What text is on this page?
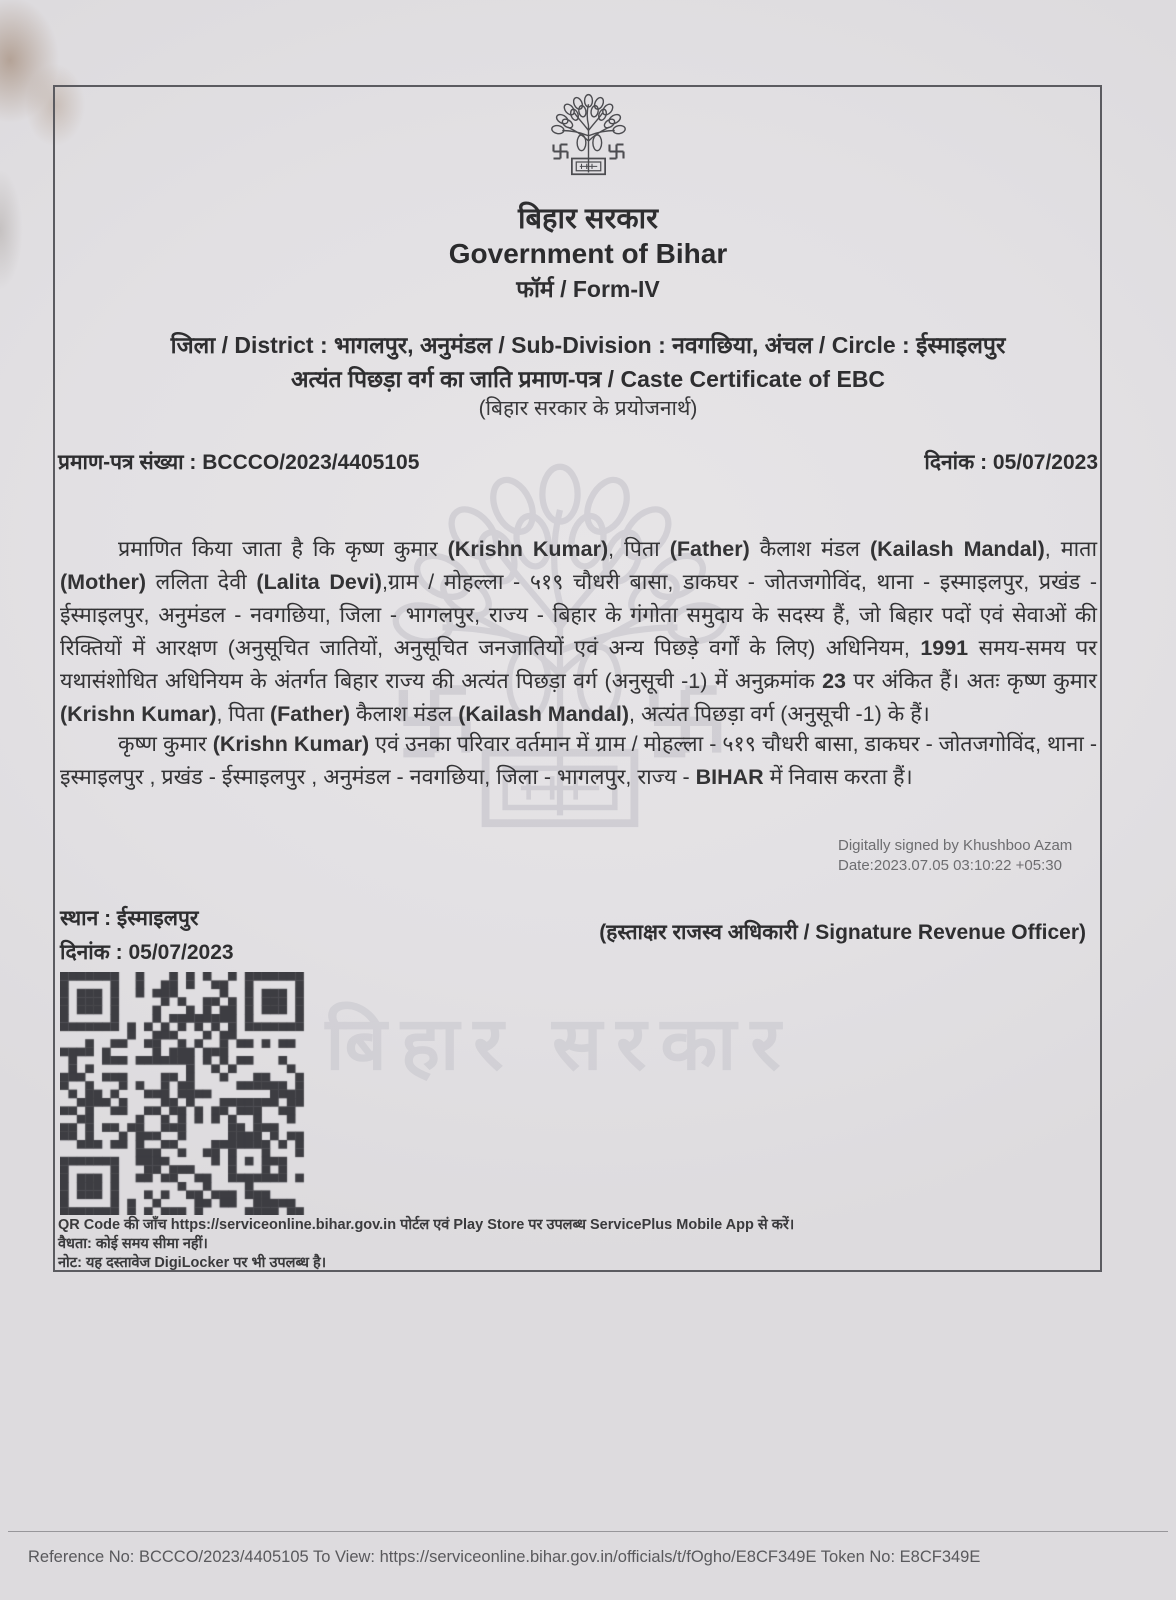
बिहार सरकार
बिहार सरकार
Government of Bihar
फॉर्म / Form-IV
जिला / District : भागलपुर, अनुमंडल / Sub-Division : नवगछिया, अंचल / Circle : ईस्माइलपुर
अत्यंत पिछड़ा वर्ग का जाति प्रमाण-पत्र / Caste Certificate of EBC
(बिहार सरकार के प्रयोजनार्थ)
प्रमाण-पत्र संख्या : BCCCO/2023/4405105	दिनांक : 05/07/2023
प्रमाणित किया जाता है कि कृष्ण कुमार (Krishn Kumar), पिता (Father) कैलाश मंडल (Kailash Mandal), माता (Mother) ललिता देवी (Lalita Devi),ग्राम / मोहल्ला - ५१९ चौधरी बासा, डाकघर - जोतजगोविंद, थाना - इस्माइलपुर, प्रखंड - ईस्माइलपुर, अनुमंडल - नवगछिया, जिला - भागलपुर, राज्य - बिहार के गंगोता समुदाय के सदस्य हैं, जो बिहार पदों एवं सेवाओं की रिक्तियों में आरक्षण (अनुसूचित जातियों, अनुसूचित जनजातियों एवं अन्य पिछड़े वर्गों के लिए) अधिनियम, 1991 समय-समय पर यथासंशोधित अधिनियम के अंतर्गत बिहार राज्य की अत्यंत पिछड़ा वर्ग (अनुसूची -1) में अनुक्रमांक 23 पर अंकित हैं। अतः कृष्ण कुमार (Krishn Kumar), पिता (Father) कैलाश मंडल (Kailash Mandal), अत्यंत पिछड़ा वर्ग (अनुसूची -1) के हैं।
कृष्ण कुमार (Krishn Kumar) एवं उनका परिवार वर्तमान में ग्राम / मोहल्ला - ५१९ चौधरी बासा, डाकघर - जोतजगोविंद, थाना - इस्माइलपुर , प्रखंड - ईस्माइलपुर , अनुमंडल - नवगछिया, जिला - भागलपुर, राज्य - BIHAR में निवास करता हैं।
Digitally signed by Khushboo Azam
Date:2023.07.05 03:10:22 +05:30
स्थान : ईस्माइलपुर
दिनांक : 05/07/2023
(हस्ताक्षर राजस्व अधिकारी / Signature Revenue Officer)
QR Code की जाँच https://serviceonline.bihar.gov.in पोर्टल एवं Play Store पर उपलब्ध ServicePlus Mobile App से करें।
वैधता: कोई समय सीमा नहीं।
नोट: यह दस्तावेज DigiLocker पर भी उपलब्ध है।
Reference No: BCCCO/2023/4405105 To View: https://serviceonline.bihar.gov.in/officials/t/fOgho/E8CF349E Token No: E8CF349E
